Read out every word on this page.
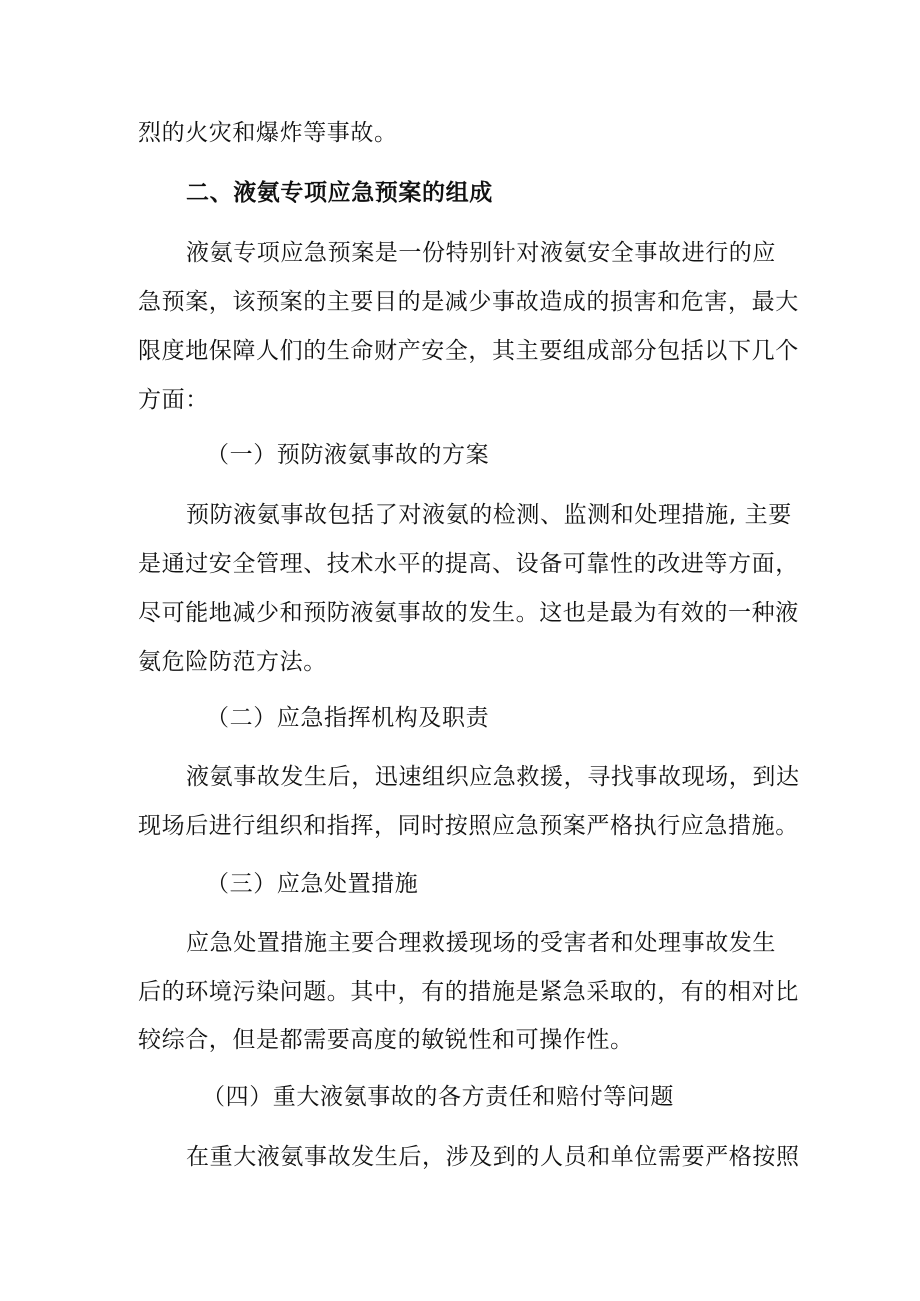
烈的火灾和爆炸等事故。
二、液氨专项应急预案的组成
液氨专项应急预案是一份特别针对液氨安全事故进行的应
急预案，该预案的主要目的是减少事故造成的损害和危害，最大
限度地保障人们的生命财产安全，其主要组成部分包括以下几个
方面：
（一）预防液氨事故的方案
预防液氨事故包括了对液氨的检测、监测和处理措施, 主要
是通过安全管理、技术水平的提高、设备可靠性的改进等方面，
尽可能地减少和预防液氨事故的发生。这也是最为有效的一种液
氨危险防范方法。
（二）应急指挥机构及职责
液氨事故发生后，迅速组织应急救援，寻找事故现场，到达
现场后进行组织和指挥，同时按照应急预案严格执行应急措施。
（三）应急处置措施
应急处置措施主要合理救援现场的受害者和处理事故发生
后的环境污染问题。其中，有的措施是紧急采取的，有的相对比
较综合，但是都需要高度的敏锐性和可操作性。
（四）重大液氨事故的各方责任和赔付等问题
在重大液氨事故发生后，涉及到的人员和单位需要严格按照
